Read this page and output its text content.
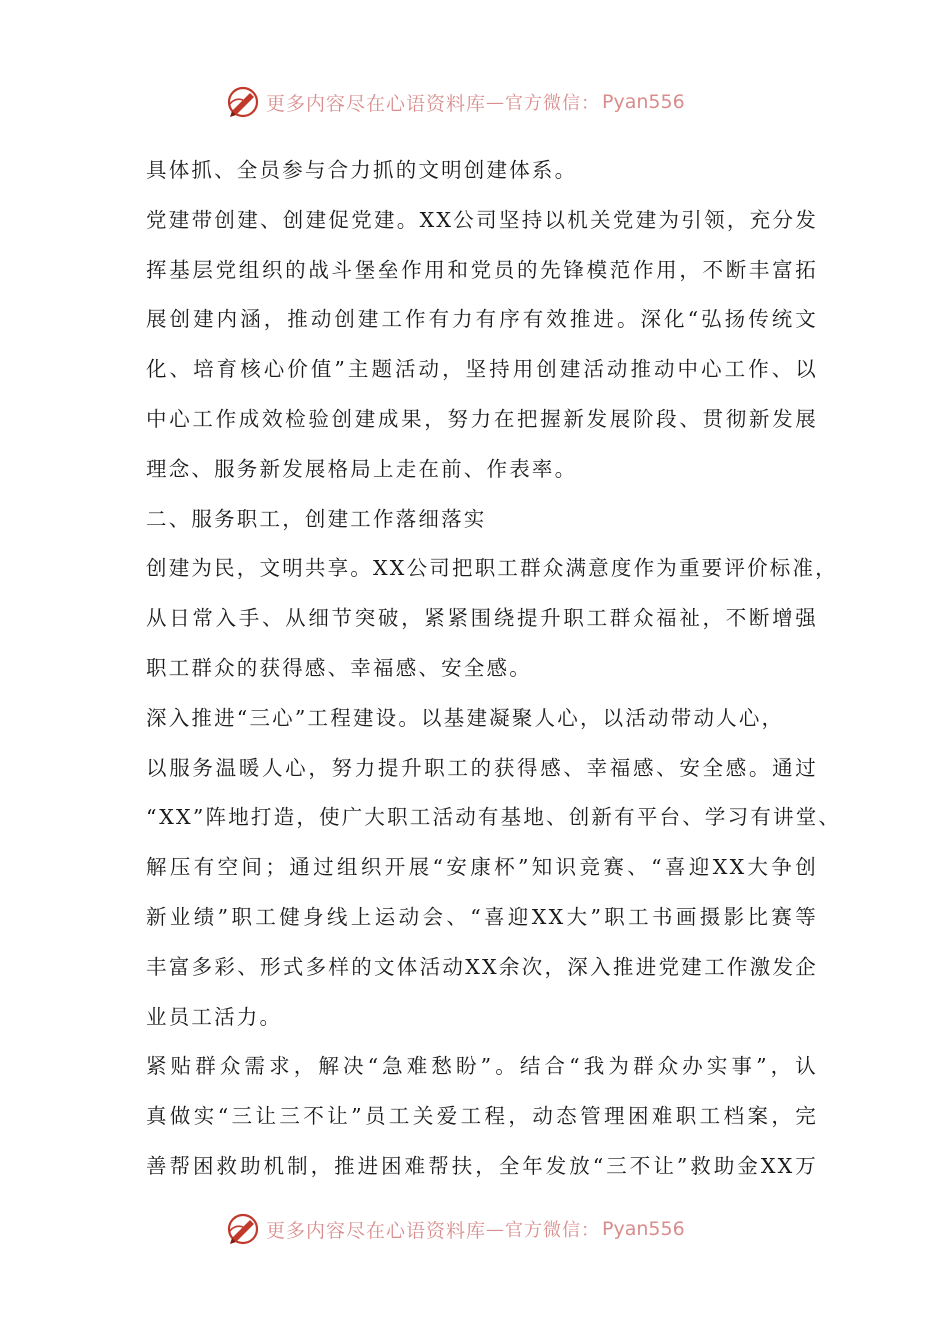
更多内容尽在心语资料库 — 官方微信： Pyan556
具体抓、全员参与合力抓的文明创建体系。
党建带创建、创建促党建。XX公司坚持以机关党建为引领，充分发
挥基层党组织的战斗堡垒作用和党员的先锋模范作用，不断丰富拓
展创建内涵，推动创建工作有力有序有效推进。深化“弘扬传统文
化、培育核心价值”主题活动，坚持用创建活动推动中心工作、以
中心工作成效检验创建成果，努力在把握新发展阶段、贯彻新发展
理念、服务新发展格局上走在前、作表率。
二、服务职工，创建工作落细落实
创建为民，文明共享。XX公司把职工群众满意度作为重要评价标准，
从日常入手、从细节突破，紧紧围绕提升职工群众福祉，不断增强
职工群众的获得感、幸福感、安全感。
深入推进“三心”工程建设。以基建凝聚人心，以活动带动人心，
以服务温暖人心，努力提升职工的获得感、幸福感、安全感。通过
“XX”阵地打造，使广大职工活动有基地、创新有平台、学习有讲堂、
解压有空间；通过组织开展“安康杯”知识竞赛、“喜迎XX大争创
新业绩”职工健身线上运动会、“喜迎XX大”职工书画摄影比赛等
丰富多彩、形式多样的文体活动XX余次，深入推进党建工作激发企
业员工活力。
紧贴群众需求，解决“急难愁盼”。结合“我为群众办实事”，认
真做实“三让三不让”员工关爱工程，动态管理困难职工档案，完
善帮困救助机制，推进困难帮扶，全年发放“三不让”救助金XX万
更多内容尽在心语资料库 — 官方微信： Pyan556
